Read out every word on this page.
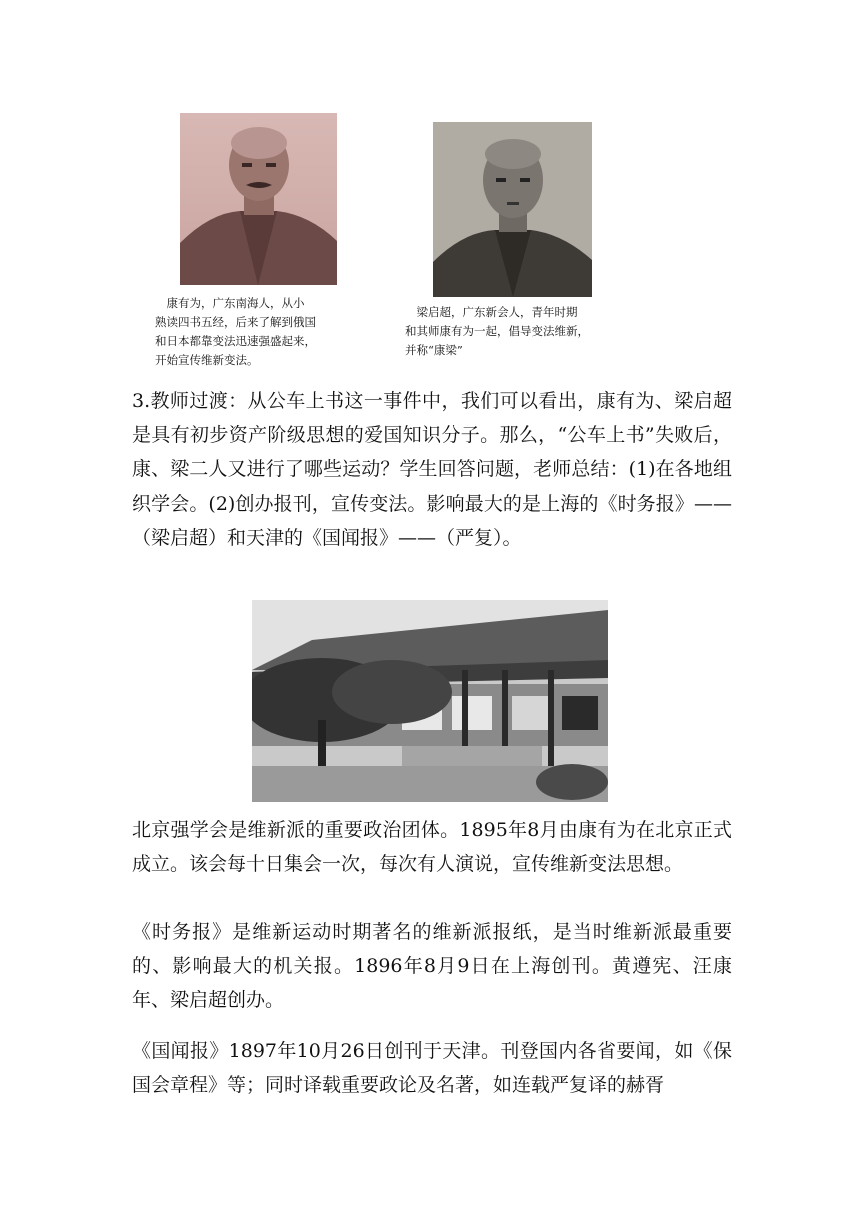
　康有为，广东南海人，从小
熟读四书五经，后来了解到俄国
和日本都靠变法迅速强盛起来，
开始宣传维新变法。
　梁启超，广东新会人，青年时期
和其师康有为一起，倡导变法维新，
并称“康梁”
3.教师过渡：从公车上书这一事件中，我们可以看出，康有为、梁启超是具有初步资产阶级思想的爱国知识分子。那么，“公车上书”失败后，康、梁二人又进行了哪些运动？学生回答问题，老师总结：(1)在各地组织学会。(2)创办报刊，宣传变法。影响最大的是上海的《时务报》——（梁启超）和天津的《国闻报》——（严复）。
北京强学会是维新派的重要政治团体。1895年8月由康有为在北京正式成立。该会每十日集会一次，每次有人演说，宣传维新变法思想。
《时务报》是维新运动时期著名的维新派报纸，是当时维新派最重要的、影响最大的机关报。1896年8月9日在上海创刊。黄遵宪、汪康年、梁启超创办。
《国闻报》1897年10月26日创刊于天津。刊登国内各省要闻，如《保国会章程》等；同时译载重要政论及名著，如连载严复译的赫胥
